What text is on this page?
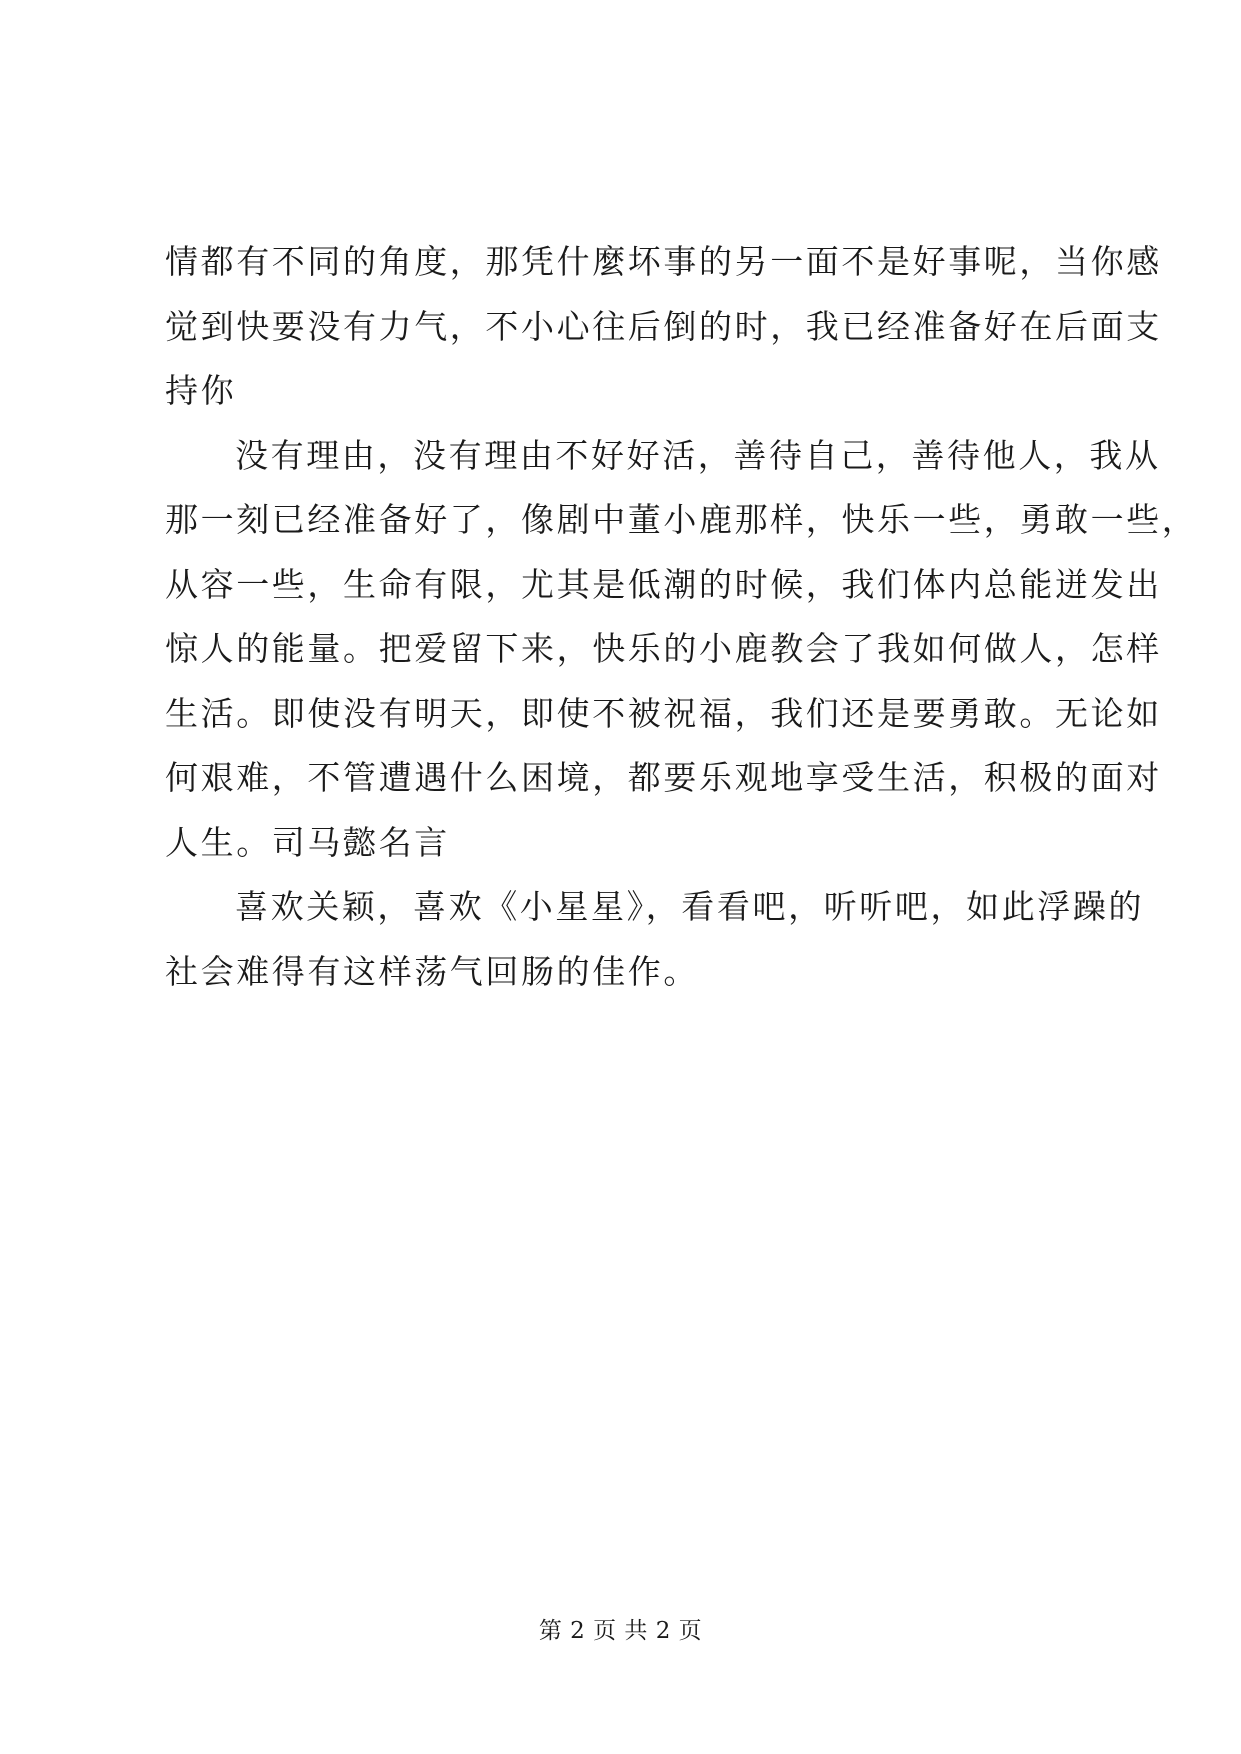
情都有不同的角度，那凭什麼坏事的另一面不是好事呢，当你感
觉到快要没有力气，不小心往后倒的时，我已经准备好在后面支
持你
没有理由，没有理由不好好活，善待自己，善待他人，我从
那一刻已经准备好了，像剧中董小鹿那样，快乐一些，勇敢一些，
从容一些，生命有限，尤其是低潮的时候，我们体内总能迸发出
惊人的能量。把爱留下来，快乐的小鹿教会了我如何做人，怎样
生活。即使没有明天，即使不被祝福，我们还是要勇敢。无论如
何艰难，不管遭遇什么困境，都要乐观地享受生活，积极的面对
人生。司马懿名言
喜欢关颖，喜欢《小星星》，看看吧，听听吧，如此浮躁的
社会难得有这样荡气回肠的佳作。
第 2 页 共 2 页
